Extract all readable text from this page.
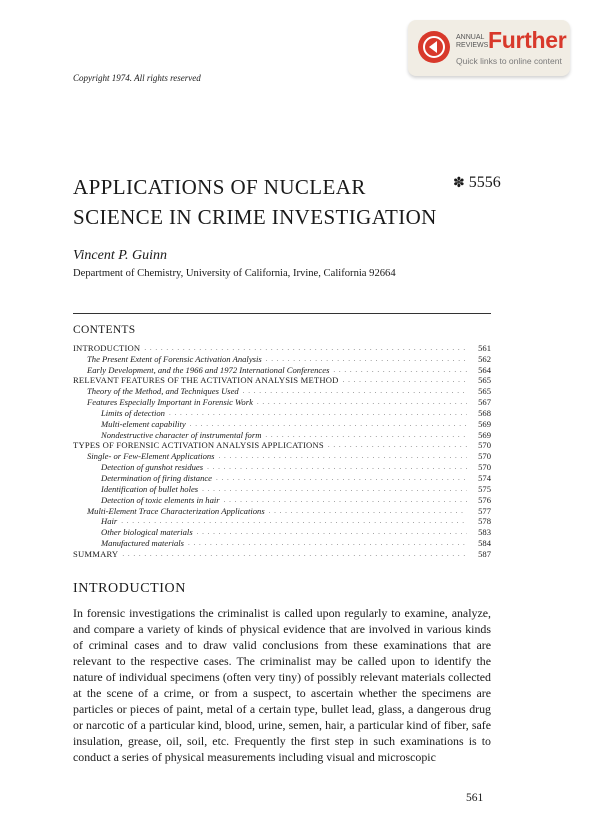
ANNUAL REVIEWS Further
Quick links to online content
Copyright 1974. All rights reserved
APPLICATIONS OF NUCLEAR
SCIENCE IN CRIME INVESTIGATION
✽ 5556
Vincent P. Guinn
Department of Chemistry, University of California, Irvine, California 92664
CONTENTS
INTRODUCTION . . .	561
The Present Extent of Forensic Activation Analysis . . .	562
Early Development, and the 1966 and 1972 International Conferences . . .	564
RELEVANT FEATURES OF THE ACTIVATION ANALYSIS METHOD . . .	565
Theory of the Method, and Techniques Used . . .	565
Features Especially Important in Forensic Work . . .	567
Limits of detection . . .	568
Multi-element capability . . .	569
Nondestructive character of instrumental form . . .	569
TYPES OF FORENSIC ACTIVATION ANALYSIS APPLICATIONS . . .	570
Single- or Few-Element Applications . . .	570
Detection of gunshot residues . . .	570
Determination of firing distance . . .	574
Identification of bullet holes . . .	575
Detection of toxic elements in hair . . .	576
Multi-Element Trace Characterization Applications . . .	577
Hair . . .	578
Other biological materials . . .	583
Manufactured materials . . .	584
SUMMARY . . .	587
INTRODUCTION
In forensic investigations the criminalist is called upon regularly to examine, analyze, and compare a variety of kinds of physical evidence that are involved in various kinds of criminal cases and to draw valid conclusions from these examinations that are relevant to the respective cases. The criminalist may be called upon to identify the nature of individual specimens (often very tiny) of possibly relevant materials collected at the scene of a crime, or from a suspect, to ascertain whether the specimens are particles or pieces of paint, metal of a certain type, bullet lead, glass, a dangerous drug or narcotic of a particular kind, blood, urine, semen, hair, a particular kind of fiber, safe insulation, grease, oil, soil, etc. Frequently the first step in such examinations is to conduct a series of physical measurements including visual and microscopic
561
